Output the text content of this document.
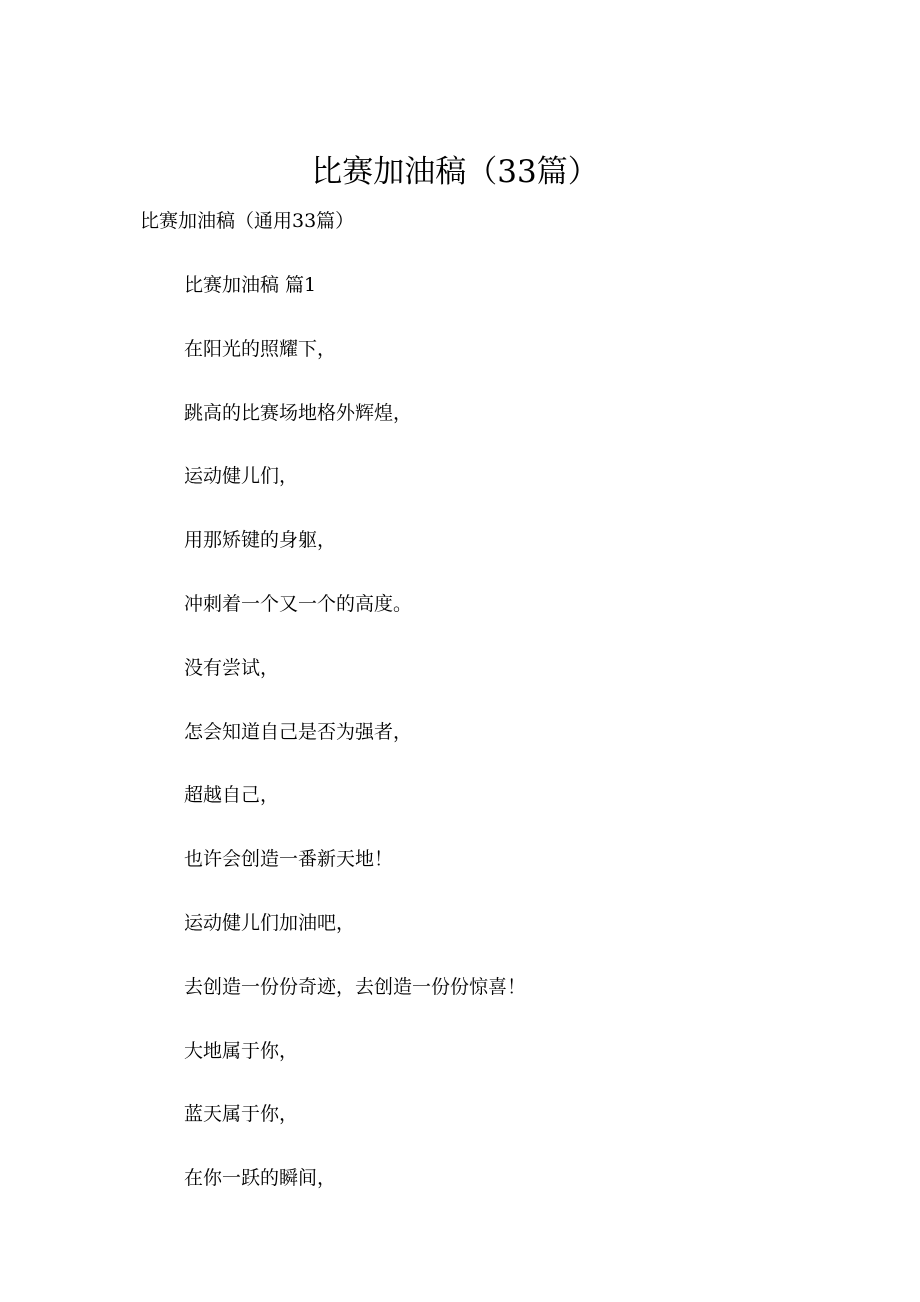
比赛加油稿（33篇）

比赛加油稿（通用33篇）

比赛加油稿 篇1
在阳光的照耀下，
跳高的比赛场地格外辉煌，
运动健儿们，
用那矫键的身躯，
冲刺着一个又一个的高度。
没有尝试，
怎会知道自己是否为强者，
超越自己，
也许会创造一番新天地！
运动健儿们加油吧，
去创造一份份奇迹，去创造一份份惊喜！
大地属于你，
蓝天属于你，
在你一跃的瞬间，
